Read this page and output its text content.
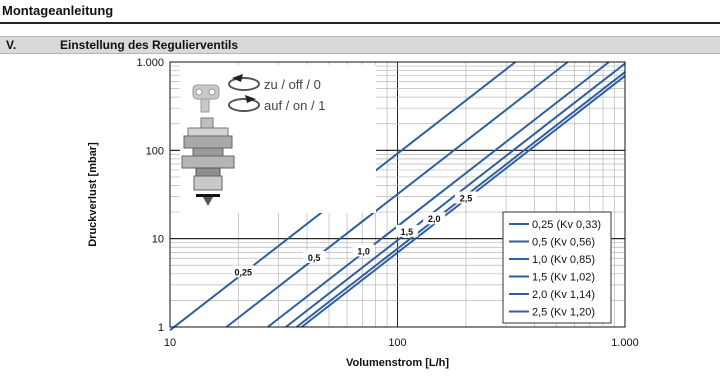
Montageanleitung
V.	Einstellung des Regulierventils
0,25
0,5
1,0
1,5
2,0
2,5
zu / off / 0
auf / on / 1
10	100	1.000
1
10
100
1.000
Volumenstrom [L/h]
Druckverlust [mbar]	0,25 (Kv 0,33)
0,5 (Kv 0,56)
1,0 (Kv 0,85)
1,5 (Kv 1,02)
2,0 (Kv 1,14)
2,5 (Kv 1,20)
